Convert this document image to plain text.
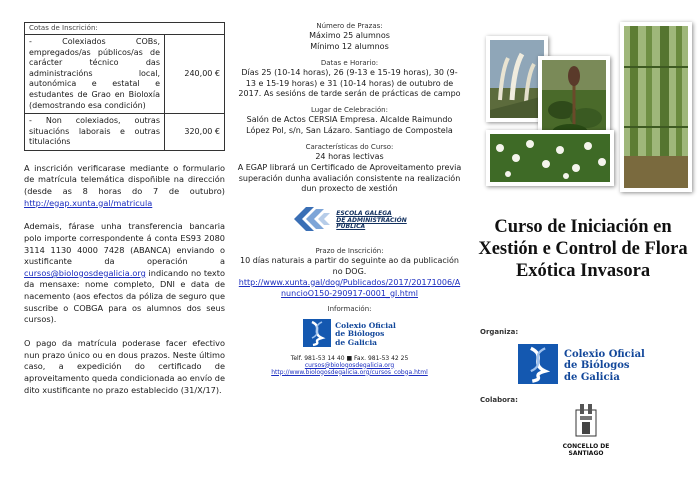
Cotas de Inscrición:	
- Colexiados COBs, empregados/as públicos/as de carácter técnico das administracións local, autonómica e estatal e estudantes de Grao en Bioloxía (demostrando esa condición)	240,00 €
- Non colexiados, outras situacións laborais e outras titulacións	320,00 €

A inscrición verificarase mediante o formulario de matrícula telemática dispoñible na dirección (desde as 8 horas do 7 de outubro) http://egap.xunta.gal/matricula

Ademais, fárase unha transferencia bancaria polo importe correspondente á conta ES93 2080 3114 1130 4000 7428 (ABANCA) enviando o xustificante da operación a cursos@biologosdegalicia.org indicando no texto da mensaxe: nome completo, DNI e data de nacemento (aos efectos da póliza de seguro que suscribe o COBGA para os alumnos dos seus cursos).

O pago da matrícula poderase facer efectivo nun prazo único ou en dous prazos. Neste último caso, a expedición do certificado de aproveitamento queda condicionada ao envío de dito xustificante no prazo establecido (31/X/17).

Número de Prazas:
Máximo 25 alumnos
Mínimo 12 alumnos
Datas e Horario:
Días 25 (10-14 horas), 26 (9-13 e 15-19 horas), 30 (9-13 e 15-19 horas) e 31 (10-14 horas) de outubro de 2017. As sesións de tarde serán de prácticas de campo
Lugar de Celebración:
Salón de Actos CERSIA Empresa. Alcalde Raimundo López Pol, s/n, San Lázaro. Santiago de Compostela
Características do Curso:
24 horas lectivas
A EGAP librará un Certificado de Aproveitamento previa superación dunha avaliación consistente na realización dun proxecto de xestión
ESCOLA GALEGA
DE ADMINISTRACIÓN
PÚBLICA
Prazo de Inscrición:
10 días naturais a partir do seguinte ao da publicación no DOG.
http://www.xunta.gal/dog/Publicados/2017/20171006/AnuncioO150-290917-0001_gl.html
Información:
Colexio Oficial
de Biólogos
de Galicia
Telf. 981-53 14 40 ■ Fax. 981-53 42 25
cursos@biologosdegalicia.org
http://www.biologosdegalicia.org/cursos_cobga.html
Curso de Iniciación en Xestión e Control de Flora Exótica Invasora
Organiza:
Colexio Oficial
de Biólogos
de Galicia
Colabora:
CONCELLO DE
SANTIAGO
